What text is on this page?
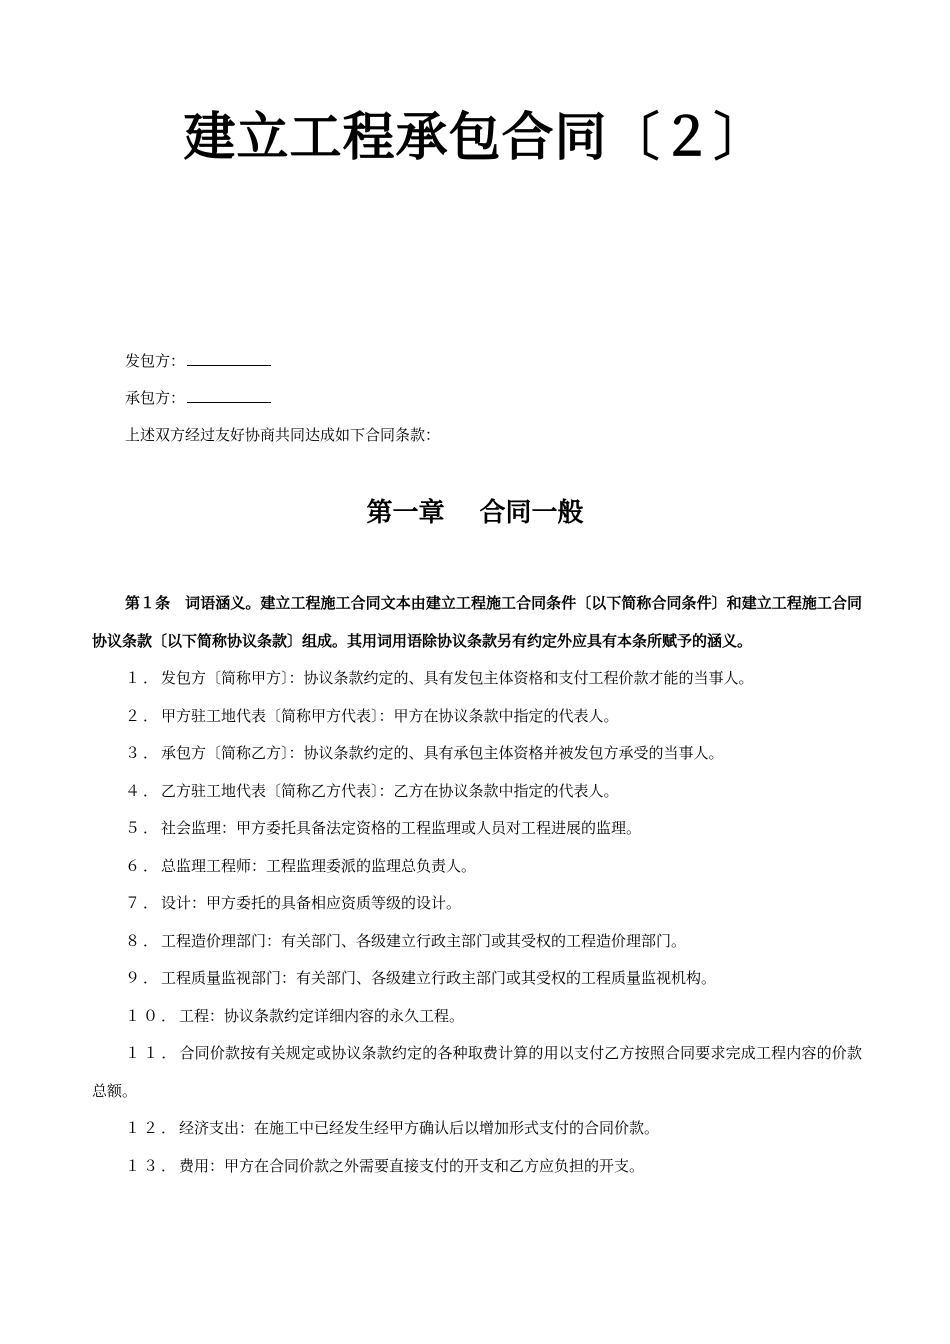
建立工程承包合同〔２〕
发包方：
承包方：
上述双方经过友好协商共同达成如下合同条款：
第一章　 合同一般

第１条　词语涵义。建立工程施工合同文本由建立工程施工合同条件〔以下简称合同条件〕和建立工程施工合同协议条款〔以下简称协议条款〕组成。其用词用语除协议条款另有约定外应具有本条所赋予的涵义。

１．发包方〔简称甲方〕：协议条款约定的、具有发包主体资格和支付工程价款才能的当事人。

２．甲方驻工地代表〔简称甲方代表〕：甲方在协议条款中指定的代表人。

３．承包方〔简称乙方〕：协议条款约定的、具有承包主体资格并被发包方承受的当事人。

４．乙方驻工地代表〔简称乙方代表〕：乙方在协议条款中指定的代表人。

５．社会监理：甲方委托具备法定资格的工程监理或人员对工程进展的监理。

６．总监理工程师：工程监理委派的监理总负责人。

７．设计：甲方委托的具备相应资质等级的设计。

８．工程造价理部门：有关部门、各级建立行政主部门或其受权的工程造价理部门。

９．工程质量监视部门：有关部门、各级建立行政主部门或其受权的工程质量监视机构。

１０．工程：协议条款约定详细内容的永久工程。

１１．合同价款按有关规定或协议条款约定的各种取费计算的用以支付乙方按照合同要求完成工程内容的价款总额。

１２．经济支出：在施工中已经发生经甲方确认后以增加形式支付的合同价款。

１３．费用：甲方在合同价款之外需要直接支付的开支和乙方应负担的开支。
